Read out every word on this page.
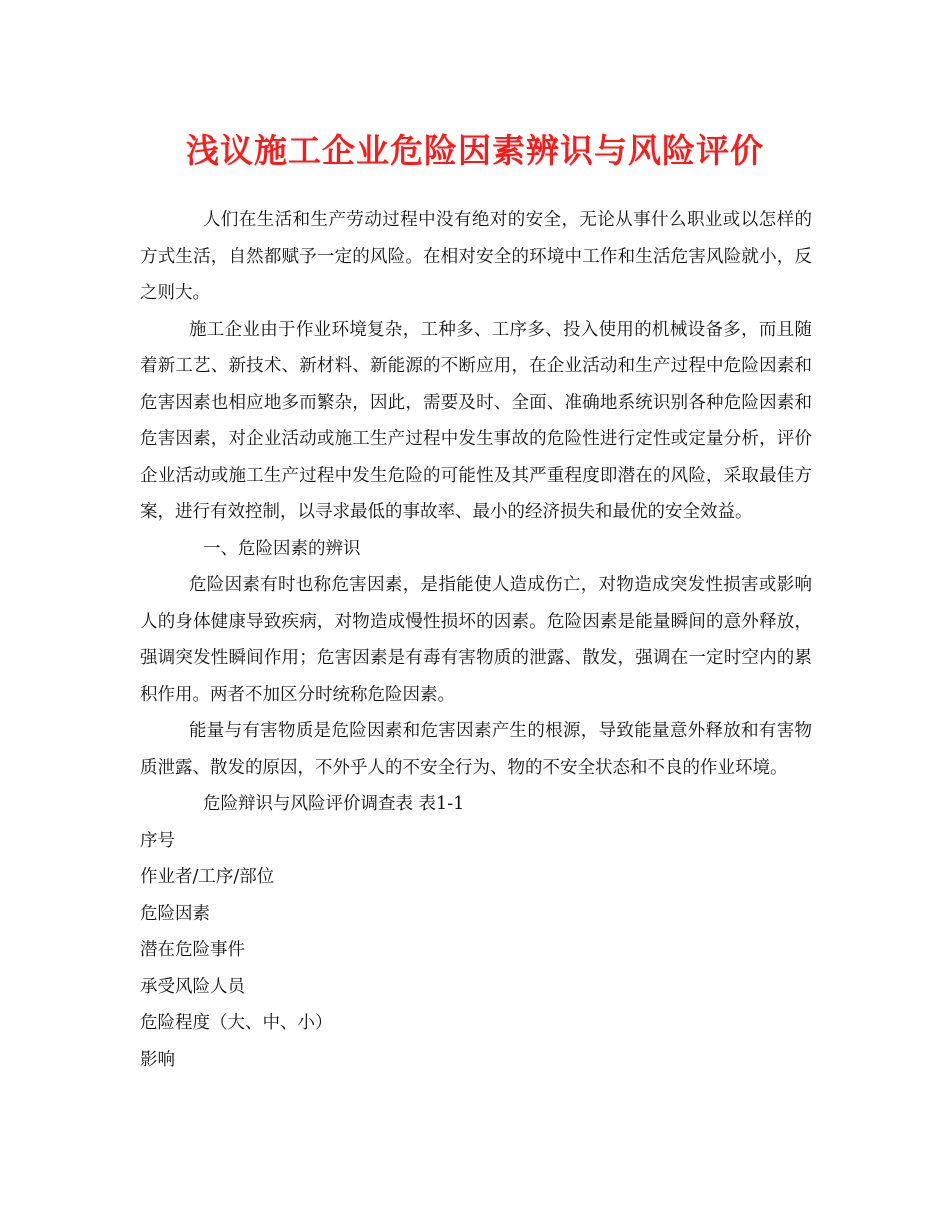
浅议施工企业危险因素辨识与风险评价

人们在生活和生产劳动过程中没有绝对的安全，无论从事什么职业或以怎样的方式生活，自然都赋予一定的风险。在相对安全的环境中工作和生活危害风险就小，反之则大。

施工企业由于作业环境复杂，工种多、工序多、投入使用的机械设备多，而且随着新工艺、新技术、新材料、新能源的不断应用，在企业活动和生产过程中危险因素和危害因素也相应地多而繁杂，因此，需要及时、全面、准确地系统识别各种危险因素和危害因素，对企业活动或施工生产过程中发生事故的危险性进行定性或定量分析，评价企业活动或施工生产过程中发生危险的可能性及其严重程度即潜在的风险，采取最佳方案，进行有效控制，以寻求最低的事故率、最小的经济损失和最优的安全效益。

一、危险因素的辨识

危险因素有时也称危害因素，是指能使人造成伤亡，对物造成突发性损害或影响人的身体健康导致疾病，对物造成慢性损坏的因素。危险因素是能量瞬间的意外释放，强调突发性瞬间作用；危害因素是有毒有害物质的泄露、散发，强调在一定时空内的累积作用。两者不加区分时统称危险因素。

能量与有害物质是危险因素和危害因素产生的根源，导致能量意外释放和有害物质泄露、散发的原因，不外乎人的不安全行为、物的不安全状态和不良的作业环境。

危险辩识与风险评价调查表 表1-1

序号

作业者/工序/部位

危险因素

潜在危险事件

承受风险人员

危险程度（大、中、小）

影响
